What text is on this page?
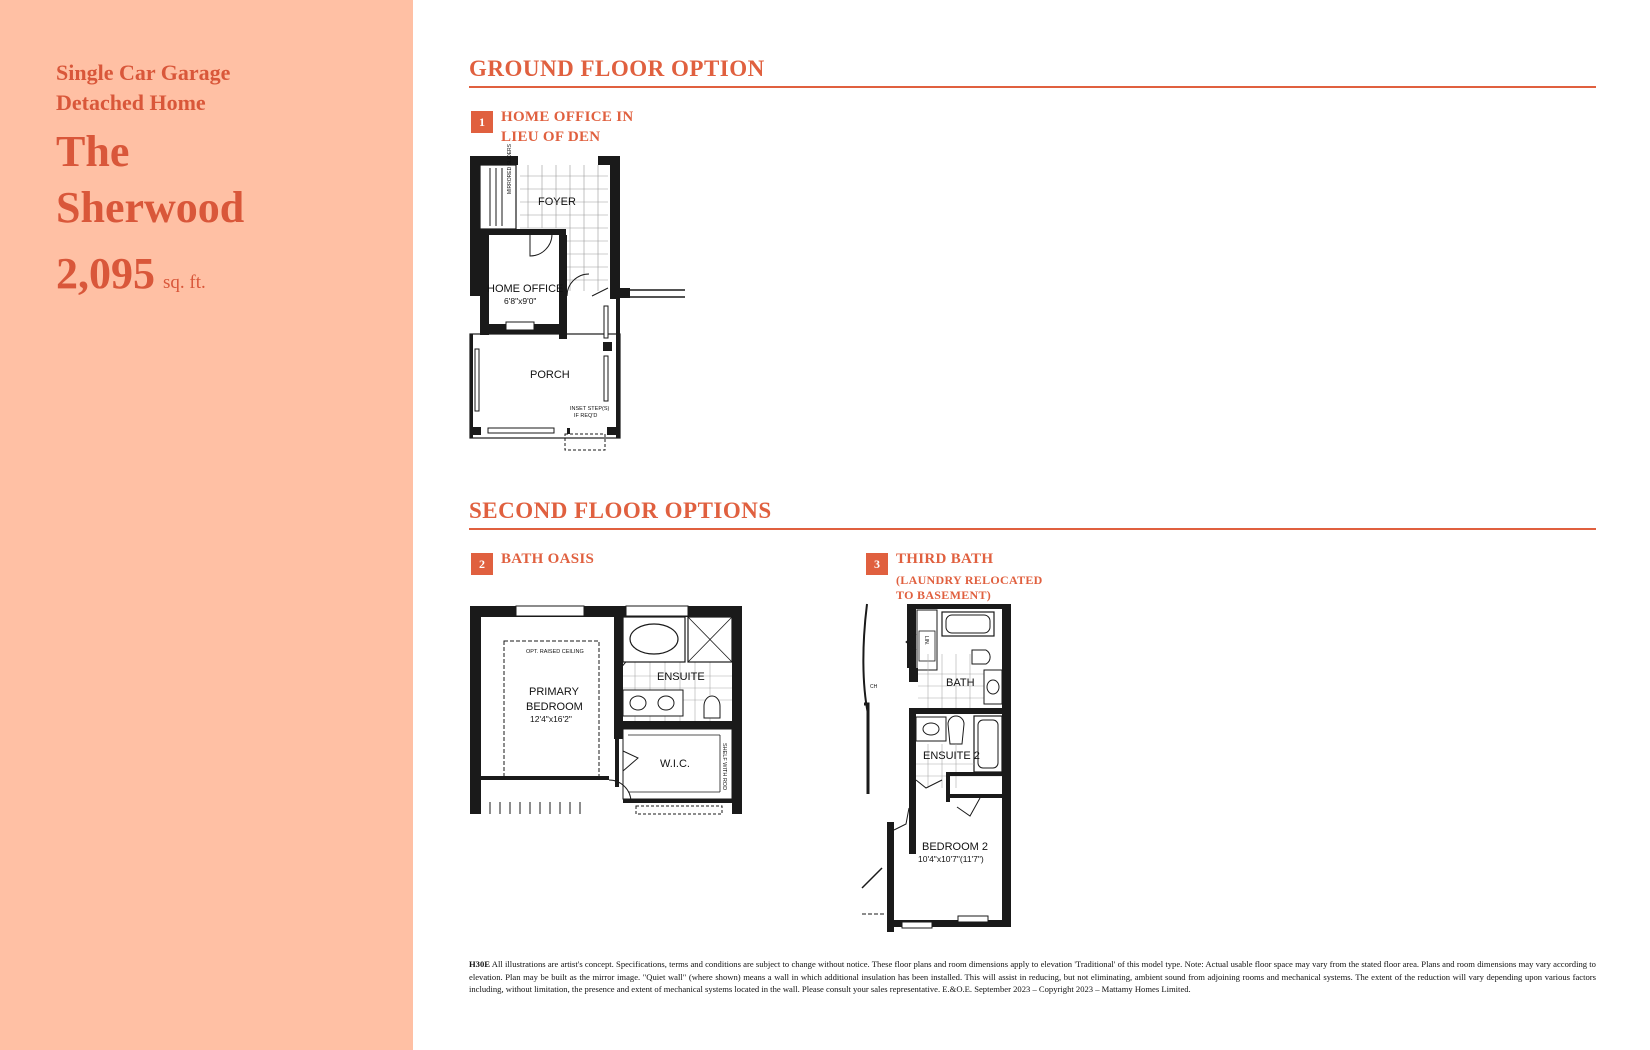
Single Car Garage
Detached Home
The
Sherwood
2,095 sq. ft.
GROUND FLOOR OPTION
1	HOME OFFICE IN
LIEU OF DEN
MIRRORED SLIDERS
FOYER
HOME OFFICE
6'8"x9'0"
PORCH
INSET STEP(S)
IF REQ'D
SECOND FLOOR OPTIONS
2	BATH OASIS	3	THIRD BATH
(LAUNDRY RELOCATED
TO BASEMENT)
OPT. RAISED CEILING
PRIMARY
BEDROOM
12'4"x16'2"
ENSUITE
W.I.C.	SHELF WITH ROD
CH
LIN.
BATH
ENSUITE 2
BEDROOM 2
10'4"x10'7"(11'7")
H30E All illustrations are artist's concept. Specifications, terms and conditions are subject to change without notice. These floor plans and room dimensions apply to elevation 'Traditional' of this model type. Note: Actual usable floor space may vary from the stated floor area. Plans and room dimensions may vary according to elevation. Plan may be built as the mirror image. "Quiet wall" (where shown) means a wall in which additional insulation has been installed. This will assist in reducing, but not eliminating, ambient sound from adjoining rooms and mechanical systems. The extent of the reduction will vary depending upon various factors including, without limitation, the presence and extent of mechanical systems located in the wall. Please consult your sales representative. E.&O.E. September 2023 – Copyright 2023 – Mattamy Homes Limited.
